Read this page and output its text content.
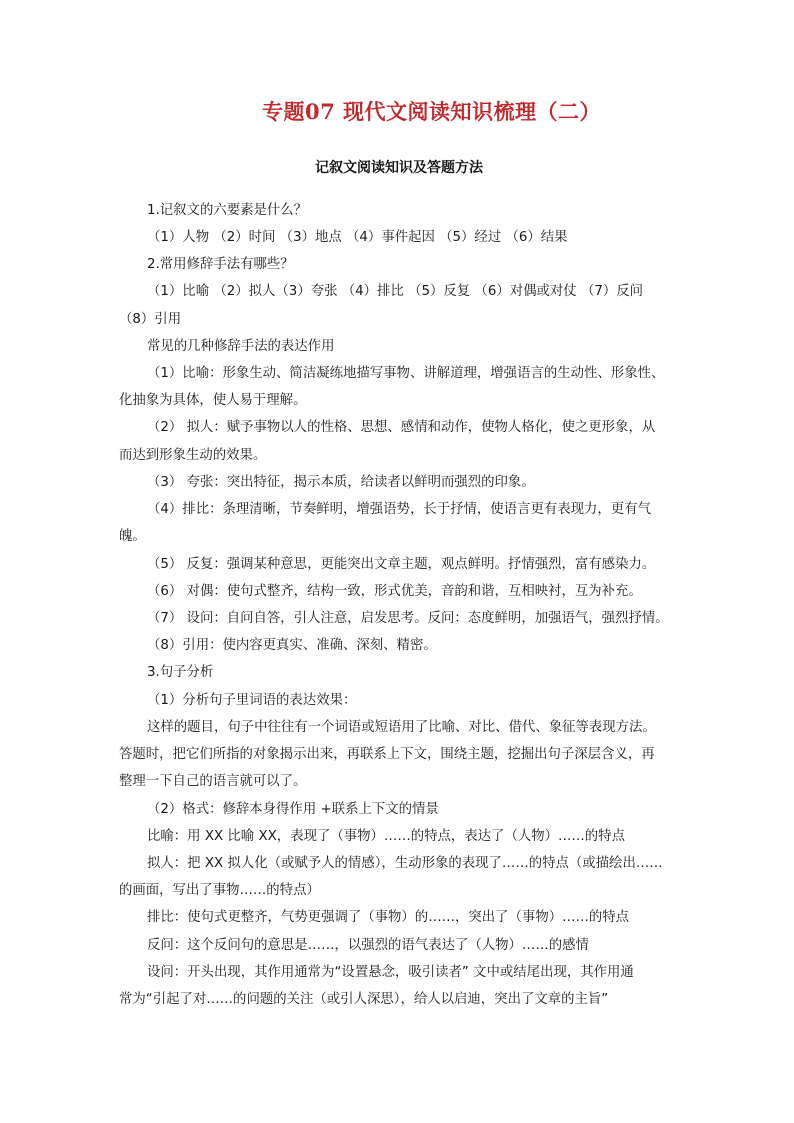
专题07 现代文阅读知识梳理（二）
记叙文阅读知识及答题方法
1.记叙文的六要素是什么？
（1）人物 （2）时间 （3）地点 （4）事件起因 （5）经过 （6）结果
2.常用修辞手法有哪些？
（1）比喻 （2）拟人（3）夸张 （4）排比 （5）反复 （6）对偶或对仗 （7）反问
（8）引用
常见的几种修辞手法的表达作用
（1）比喻：形象生动、简洁凝练地描写事物、讲解道理，增强语言的生动性、形象性、
化抽象为具体，使人易于理解。
（2） 拟人：赋予事物以人的性格、思想、感情和动作，使物人格化，使之更形象，从
而达到形象生动的效果。
（3） 夸张：突出特征，揭示本质，给读者以鲜明而强烈的印象。
（4）排比：条理清晰，节奏鲜明，增强语势，长于抒情，使语言更有表现力，更有气
魄。
（5） 反复：强调某种意思，更能突出文章主题，观点鲜明。抒情强烈，富有感染力。
（6） 对偶：使句式整齐，结构一致，形式优美，音韵和谐，互相映衬，互为补充。
（7） 设问：自问自答，引人注意，启发思考。反问：态度鲜明，加强语气，强烈抒情。
（8）引用：使内容更真实、准确、深刻、精密。
3.句子分析
（1）分析句子里词语的表达效果：
这样的题目，句子中往往有一个词语或短语用了比喻、对比、借代、象征等表现方法。
答题时，把它们所指的对象揭示出来，再联系上下文，围绕主题，挖掘出句子深层含义，再
整理一下自己的语言就可以了。
（2）格式：修辞本身得作用 +联系上下文的情景
比喻：用 XX 比喻 XX，表现了（事物）……的特点，表达了（人物）……的特点
拟人：把 XX 拟人化（或赋予人的情感），生动形象的表现了……的特点（或描绘出……
的画面，写出了事物……的特点）
排比：使句式更整齐，气势更强调了（事物）的……，突出了（事物）……的特点
反问：这个反问句的意思是……，以强烈的语气表达了（人物）……的感情
设问：开头出现，其作用通常为“设置悬念，吸引读者” 文中或结尾出现，其作用通
常为“引起了对……的问题的关注（或引人深思），给人以启迪，突出了文章的主旨”
